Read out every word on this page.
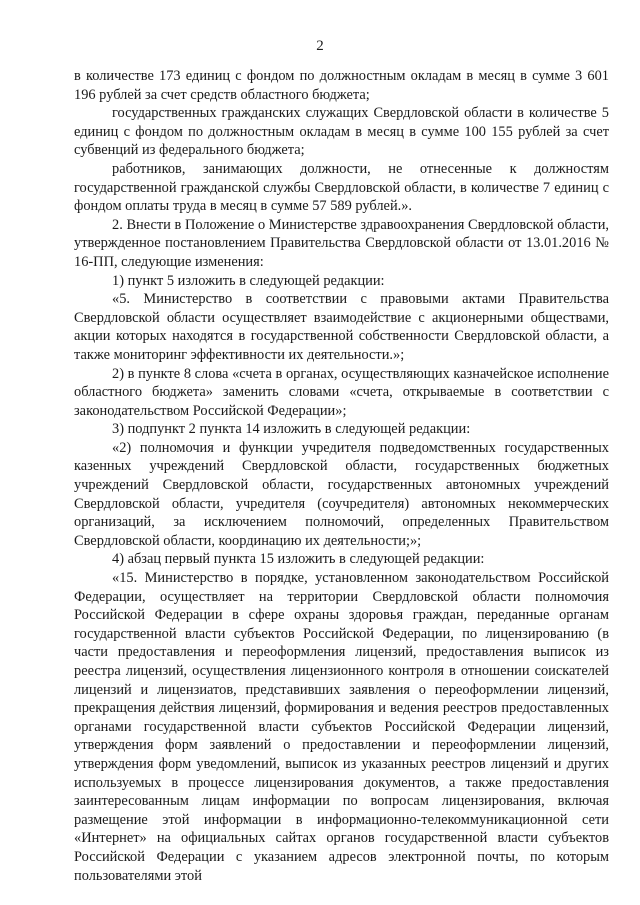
2

в количестве 173 единиц с фондом по должностным окладам в месяц в сумме 3 601 196 рублей за счет средств областного бюджета;

государственных гражданских служащих Свердловской области в количестве 5 единиц с фондом по должностным окладам в месяц в сумме 100 155 рублей за счет субвенций из федерального бюджета;

работников, занимающих должности, не отнесенные к должностям государственной гражданской службы Свердловской области, в количестве 7 единиц с фондом оплаты труда в месяц в сумме 57 589 рублей.».

2. Внести в Положение о Министерстве здравоохранения Свердловской области, утвержденное постановлением Правительства Свердловской области от 13.01.2016 № 16-ПП, следующие изменения:

1) пункт 5 изложить в следующей редакции:

«5. Министерство в соответствии с правовыми актами Правительства Свердловской области осуществляет взаимодействие с акционерными обществами, акции которых находятся в государственной собственности Свердловской области, а также мониторинг эффективности их деятельности.»;

2) в пункте 8 слова «счета в органах, осуществляющих казначейское исполнение областного бюджета» заменить словами «счета, открываемые в соответствии с законодательством Российской Федерации»;

3) подпункт 2 пункта 14 изложить в следующей редакции:

«2) полномочия и функции учредителя подведомственных государственных казенных учреждений Свердловской области, государственных бюджетных учреждений Свердловской области, государственных автономных учреждений Свердловской области, учредителя (соучредителя) автономных некоммерческих организаций, за исключением полномочий, определенных Правительством Свердловской области, координацию их деятельности;»;

4) абзац первый пункта 15 изложить в следующей редакции:

«15. Министерство в порядке, установленном законодательством Российской Федерации, осуществляет на территории Свердловской области полномочия Российской Федерации в сфере охраны здоровья граждан, переданные органам государственной власти субъектов Российской Федерации, по лицензированию (в части предоставления и переоформления лицензий, предоставления выписок из реестра лицензий, осуществления лицензионного контроля в отношении соискателей лицензий и лицензиатов, представивших заявления о переоформлении лицензий, прекращения действия лицензий, формирования и ведения реестров предоставленных органами государственной власти субъектов Российской Федерации лицензий, утверждения форм заявлений о предоставлении и переоформлении лицензий, утверждения форм уведомлений, выписок из указанных реестров лицензий и других используемых в процессе лицензирования документов, а также предоставления заинтересованным лицам информации по вопросам лицензирования, включая размещение этой информации в информационно-телекоммуникационной сети «Интернет» на официальных сайтах органов государственной власти субъектов Российской Федерации с указанием адресов электронной почты, по которым пользователями этой
